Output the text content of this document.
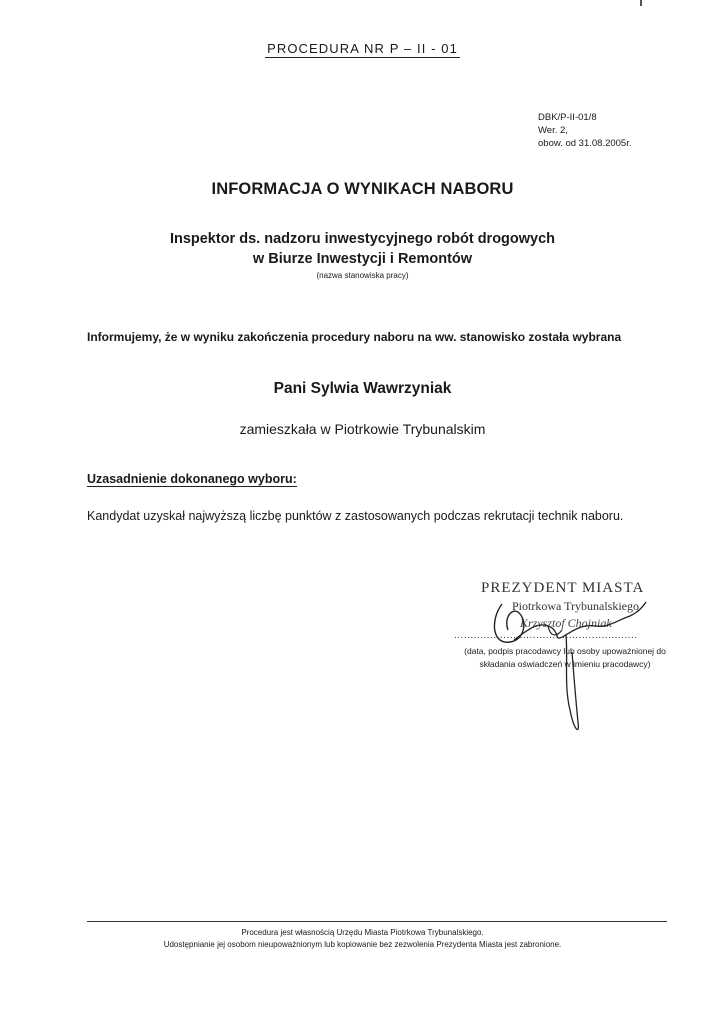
PROCEDURA NR P – II - 01
DBK/P-II-01/8
Wer. 2,
obow. od 31.08.2005r.
INFORMACJA O WYNIKACH NABORU
Inspektor ds. nadzoru inwestycyjnego robót drogowych
w Biurze Inwestycji i Remontów
(nazwa stanowiska pracy)
Informujemy, że w wyniku zakończenia procedury naboru na ww. stanowisko została wybrana
Pani Sylwia Wawrzyniak
zamieszkała w Piotrkowie Trybunalskim
Uzasadnienie dokonanego wyboru:
Kandydat uzyskał najwyższą liczbę punktów z zastosowanych podczas rekrutacji technik naboru.
PREZYDENT MIASTA
Piotrkowa Trybunalskiego
Krzysztof Chojniak
........................................................
(data, podpis pracodawcy lub osoby upoważnionej do
składania oświadczeń w imieniu pracodawcy)
Procedura jest własnością Urzędu Miasta Piotrkowa Trybunalskiego.
Udostępnianie jej osobom nieupoważnionym lub kopiowanie bez zezwolenia Prezydenta Miasta jest zabronione.
